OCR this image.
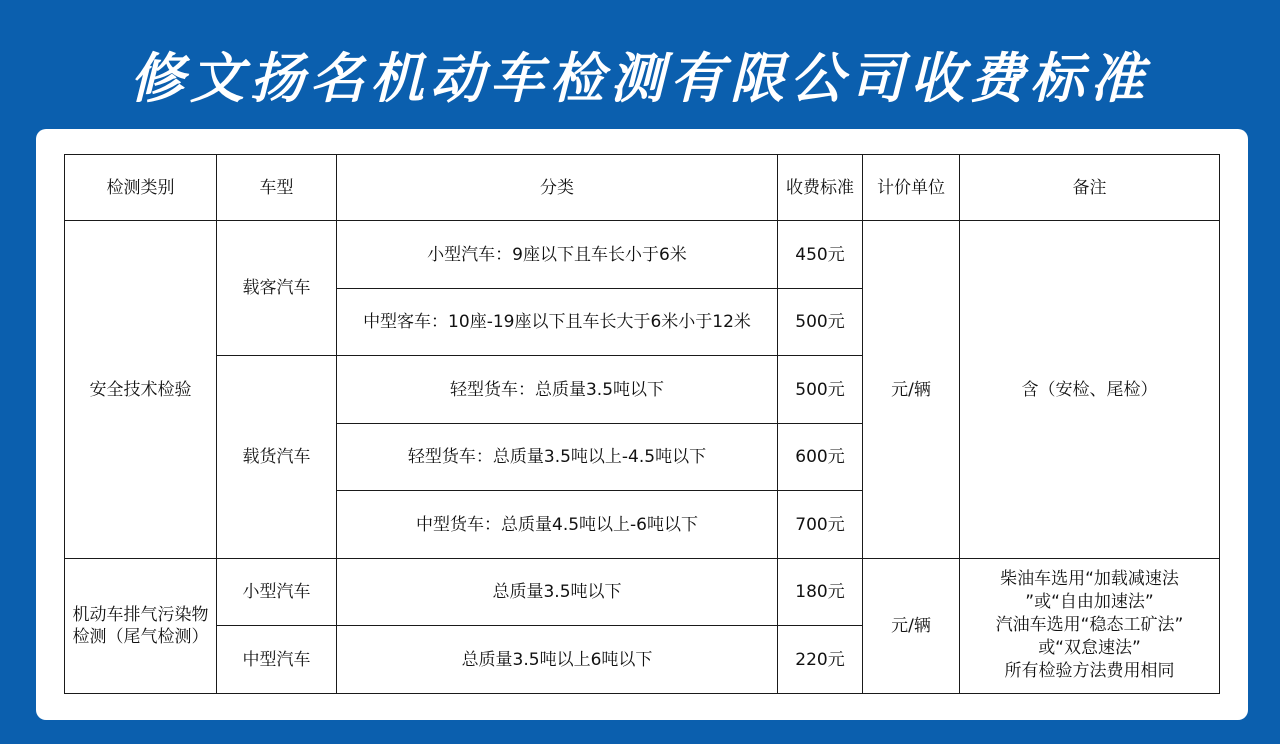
修文扬名机动车检测有限公司收费标准
检测类别	车型	分类	收费标准	计价单位	备注
安全技术检验	载客汽车	小型汽车：9座以下且车长小于6米	450元	元/辆	含（安检、尾检）
		中型客车：10座-19座以下且车长大于6米小于12米	500元		
	载货汽车	轻型货车：总质量3.5吨以下	500元		
		轻型货车：总质量3.5吨以上-4.5吨以下	600元		
		中型货车：总质量4.5吨以上-6吨以下	700元		
机动车排气污染物检测（尾气检测）	小型汽车	总质量3.5吨以下	180元	元/辆	柴油车选用“加载减速法
”或“自由加速法”
汽油车选用“稳态工矿法”
或“双怠速法”
所有检验方法费用相同

	中型汽车	总质量3.5吨以上6吨以下	220元		
